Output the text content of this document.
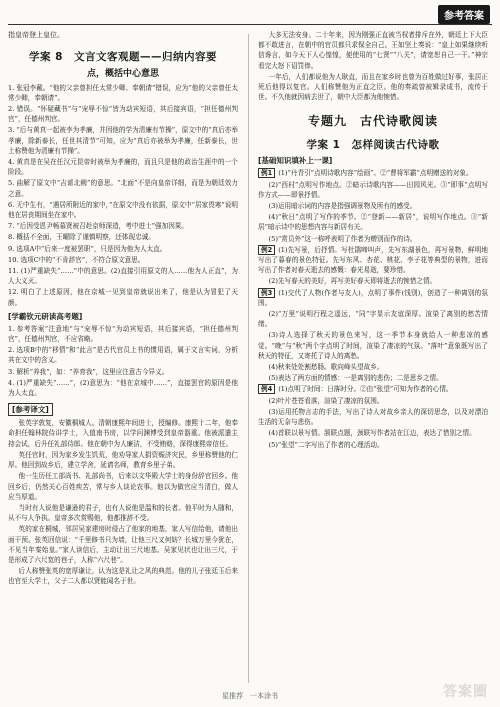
参考答案

指皇帝登上皇位。

学案 8　文言文客观题——归纳内容要
点，概括中心意思

1. 张冠李戴。“他的父亲曾担任太常少卿、奉朝请”错误，应为“他的父亲曾任太常少卿，奉朝请”。

2. 错误。“怀疑藏书”与“宠辱不惊”皆为动宾短语，其后接宾语，“担任德州判官”，任德州判官。

3. “后与黄真一起被李为孝廉，并因他的学为清廉有节操”，原文中的“真后亦举孝廉，除新泰长，任世其清节”可知，应为“真后亦被举为孝廉，任新泰长，世上称赞他为清廉有节操”。

4. 黄真是在吴在任汉元昆帝时被举为孝廉的，而且只是他的政治生涯中的一个阶段。

5. 曲解了原文中“吉谑北阙”的意思。“北面”不是向皇帝详细，而是为朝廷效力之意。

6. 无中生有，“遇居所附近的家中，”在原文中没有依据，原文中“居家畏寒”说明他在居丧期间坐在家中。

7. “后因受恩尹畅慕贤被召赴京师深造，考中进士”强加因果。

8. 概括不全面，王曜除了谨慎明察，还体现忠诚。

9. 选项A中“后来一度被罢职”，只是因为他为人太直。

10. 选项C中的“不肯辞官”，不符合原文意思。

11. (1)严重缺失“……”中的意思。(2)直接引用原文的人……他为人正直”，为人大义灭。

12. 明白了上述原因，他在京城一见到皇帝就说出来了，他是认为冒犯了天颜。

[学霸钦元研读高考题]

1. 参考答案“注意地”与“宠辱不惊”为动宾短语，其后接宾语，“担任德州判官”，任德州判官，不应省略。

2. 选项B中的“移情”和“此言”是古代官员上书的惯用语，属于文言实词，分析其在文中的含义。

3. 解析“养我”，如：“养育我”，这里应注意古今异义。

4. (1)严重缺失“……”，(2)意思为：“他在京城中……”，直接罢官的原因是他为人太直。

[参考译文]

张英字敦复，安徽桐城人。清朝康熙年间进士，授编修。康熙十二年，他奉命担任翰林院侍讲学士，入值南书房，以学问渊博受到皇帝器重。他被派遣主持会试，后升任礼部侍郎。他在朝中为人廉洁，不受贿赂，深得康熙帝信任。

英任官时，因为家乡发生饥荒，他劝导家人捐资赈济灾民，乡里称赞他的仁厚。他回到故乡后，建立学舍，延请名师，教育乡里子弟。

他一生历任工部尚书、礼部尚书，后来以文华殿大学士的身份辞官回乡。他回乡后，仍然关心百姓疾苦，常与乡人谈论农事。他以为做官应当清白，做人应当厚道。

当时有人说他是谦逊的君子，也有人说他是温和的长者。他平时为人随和，从不与人争执。皇帝多次赏赐他，他都推辞不受。

英的家在桐城，邻居吴家建房时侵占了他家的地基，家人写信给他，请他出面干预。张英回信说：“千里修书只为墙，让他三尺又何妨？长城万里今犹在，不见当年秦始皇。”家人读信后，主动让出三尺地基。吴家见状也让出三尺，于是形成了六尺宽的巷子，人称“六尺巷”。

后人称赞张英的宽厚谦让，认为这是礼让之风的典范。他的儿子张廷玉后来也官至大学士，父子二人都以贤能闻名于世。

大多无法安身。二十年来，因为刚强正直被当权者排斥在外，朝廷上下大臣都不敢进言，在朝中的官员都只求保全自己。王如坚上奏说：“皇上如果继续听信谗言，如今天下人心惶惶，便使用的“七贤”“八关”，请宽恕自己一干。”神宗看完大怒下诏罚俸。

一年后，人们都说他为人耿直，而且在家乡时也曾为百姓做过好事，张居正死后他得以复官。人们称赞他为正直之臣。他的奏疏曾被辑录成书，流传于世。不久他就因病去世了，朝中大臣都为他惋惜。

专题九　古代诗歌阅读
学案 1　怎样阅读古代诗歌
[基础知识填补上一课]

例1 (1)“丹青引”点明诗歌内容“绘画”。②“曹将军霸”点明赠送的对象。

(2)“西村”点明写作地点。②暗示诗歌内容——田园风光。③“即事”点明写作方式——即景抒情。

(3)运用暗示词的内容是指强调景物及所有的感受。

(4)“秋日”点明了写作的季节。②“登新——新居”，说明写作地点。③“新居”暗示诗中的思想内容与新居有关。

(5)“赏员外”这一称呼表明了作者为赠别而作的诗。

例2 (1)先写景，后抒情。写杜鹃啼叫声，先写东湖景色，再写景物，鲜明地写出了暮春的景色特征。先写东风、杏花、桃花、李子花等典型的景物，进而写出了作者对春天逝去的感慨：春光易逝，要珍惜。

(2)先写春天的美好，再写美好春天即将逝去的惋惜之情。

例3 (1)交代了人物(作者与友人)，点明了事件(饯别)，创造了一种离别的氛围。

(2)“万里”说明行程之遥远，“同”字显示友谊深厚。渲染了离别的愁苦情绪。

(3)诗人选择了秋天的景色来写，这一季节本身就给人一种悲凉的感觉。“晚”与“秋”两个字点明了时间，渲染了凄凉的气氛。“落叶”意象既写出了秋天的特征，又寄托了诗人的离愁。

(4)秋来处处割愁肠。歌向峰头望故乡。

(5)表达了两方面的情感：一是离别的悲伤；二是思乡之情。

例4 (1)点明了时间：日落时分。②由“张望”可知为作者的心情。

(2)叶片苍苍看落，渲染了凄凉的氛围。

(3)运用托物言志的手法，写出了诗人对故乡亲人的深切思念，以及对漂泊生活的无奈与悲伤。

(4)首联以景写情。颔联点题，颈联写作者站在江边，表达了惜别之情。

(5)“张望”二字写出了作者的心理活动。

星推荐　一本涂书	答案圈
